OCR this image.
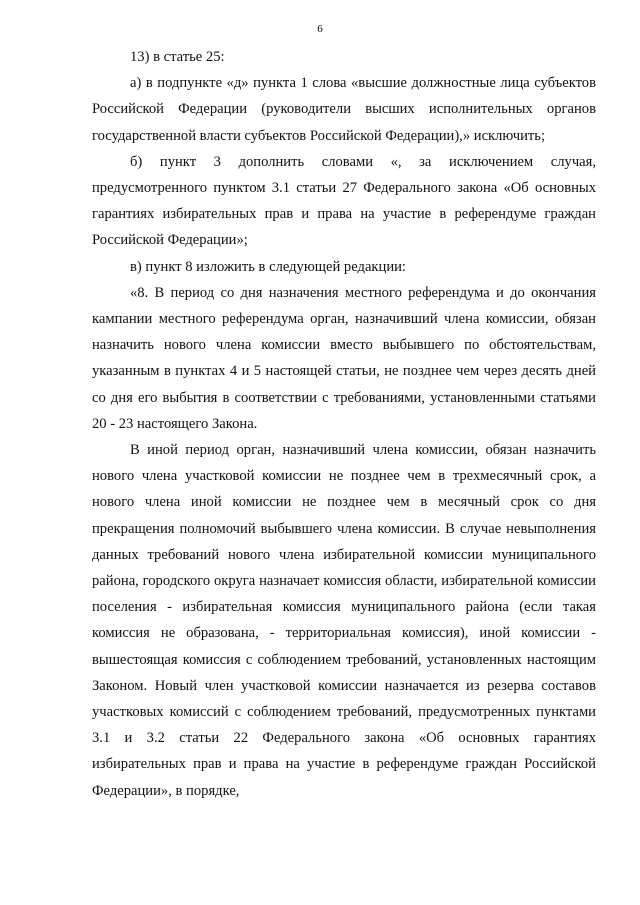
6

13) в статье 25:

а) в подпункте «д» пункта 1 слова «высшие должностные лица субъектов Российской Федерации (руководители высших исполнительных органов государственной власти субъектов Российской Федерации),» исключить;

б) пункт 3 дополнить словами «, за исключением случая, предусмотренного пунктом 3.1 статьи 27 Федерального закона «Об основных гарантиях избирательных прав и права на участие в референдуме граждан Российской Федерации»;

в) пункт 8 изложить в следующей редакции:

«8. В период со дня назначения местного референдума и до окончания кампании местного референдума орган, назначивший члена комиссии, обязан назначить нового члена комиссии вместо выбывшего по обстоятельствам, указанным в пунктах 4 и 5 настоящей статьи, не позднее чем через десять дней со дня его выбытия в соответствии с требованиями, установленными статьями 20 - 23 настоящего Закона.

В иной период орган, назначивший члена комиссии, обязан назначить нового члена участковой комиссии не позднее чем в трехмесячный срок, а нового члена иной комиссии не позднее чем в месячный срок со дня прекращения полномочий выбывшего члена комиссии. В случае невыполнения данных требований нового члена избирательной комиссии муниципального района, городского округа назначает комиссия области, избирательной комиссии поселения - избирательная комиссия муниципального района (если такая комиссия не образована, - территориальная комиссия), иной комиссии - вышестоящая комиссия с соблюдением требований, установленных настоящим Законом. Новый член участковой комиссии назначается из резерва составов участковых комиссий с соблюдением требований, предусмотренных пунктами 3.1 и 3.2 статьи 22 Федерального закона «Об основных гарантиях избирательных прав и права на участие в референдуме граждан Российской Федерации», в порядке,
